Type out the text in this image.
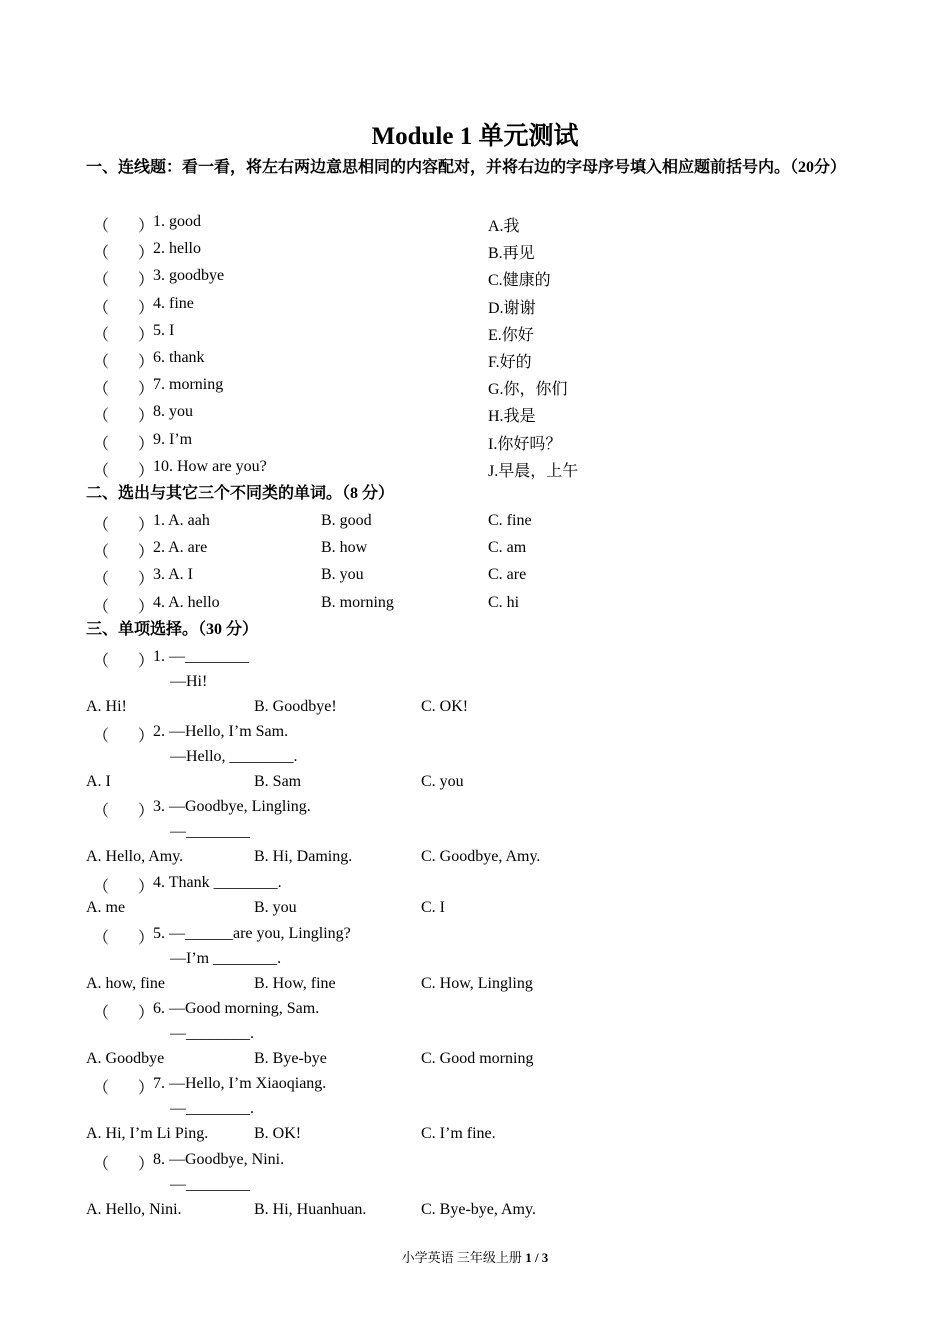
Module 1 单元测试
一、连线题：看一看，将左右两边意思相同的内容配对，并将右边的字母序号填入相应题前括号内。（20分）
（ ）
1. good	A.我
（ ）
2. hello	B.再见
（ ）
3. goodbye	C.健康的
（ ）
4. fine	D.谢谢
（ ）
5. I	E.你好
（ ）
6. thank	F.好的
（ ）
7. morning	G.你，你们
（ ）
8. you	H.我是
（ ）
9. I’m	I.你好吗？
（ ）
10. How are you?	J.早晨，上午
二、选出与其它三个不同类的单词。（8 分）
（ ）
1. A. aah	B. good	C. fine
（ ）
2. A. are	B. how	C. am
（ ）
3. A. I	B. you	C. are
（ ）
4. A. hello	B. morning	C. hi
三、单项选择。（30 分）
（ ）
1. —________
—Hi!
A. Hi!	B. Goodbye!	C. OK!
（ ）
2. —Hello, I’m Sam.
—Hello, ________.
A. I	B. Sam	C. you
（ ）
3. —Goodbye, Lingling.
—________
A. Hello, Amy.	B. Hi, Daming.	C. Goodbye, Amy.
（ ）
4. Thank ________.
A. me	B. you	C. I
（ ）
5. —______are you, Lingling?
—I’m ________.
A. how, fine	B. How, fine	C. How, Lingling
（ ）
6. —Good morning, Sam.
—________.
A. Goodbye	B. Bye-bye	C. Good morning
（ ）
7. —Hello, I’m Xiaoqiang.
—________.
A. Hi, I’m Li Ping.	B. OK!	C. I’m fine.
（ ）
8. —Goodbye, Nini.
—________
A. Hello, Nini.	B. Hi, Huanhuan.	C. Bye-bye, Amy.
小学英语 三年级上册 1 / 3
